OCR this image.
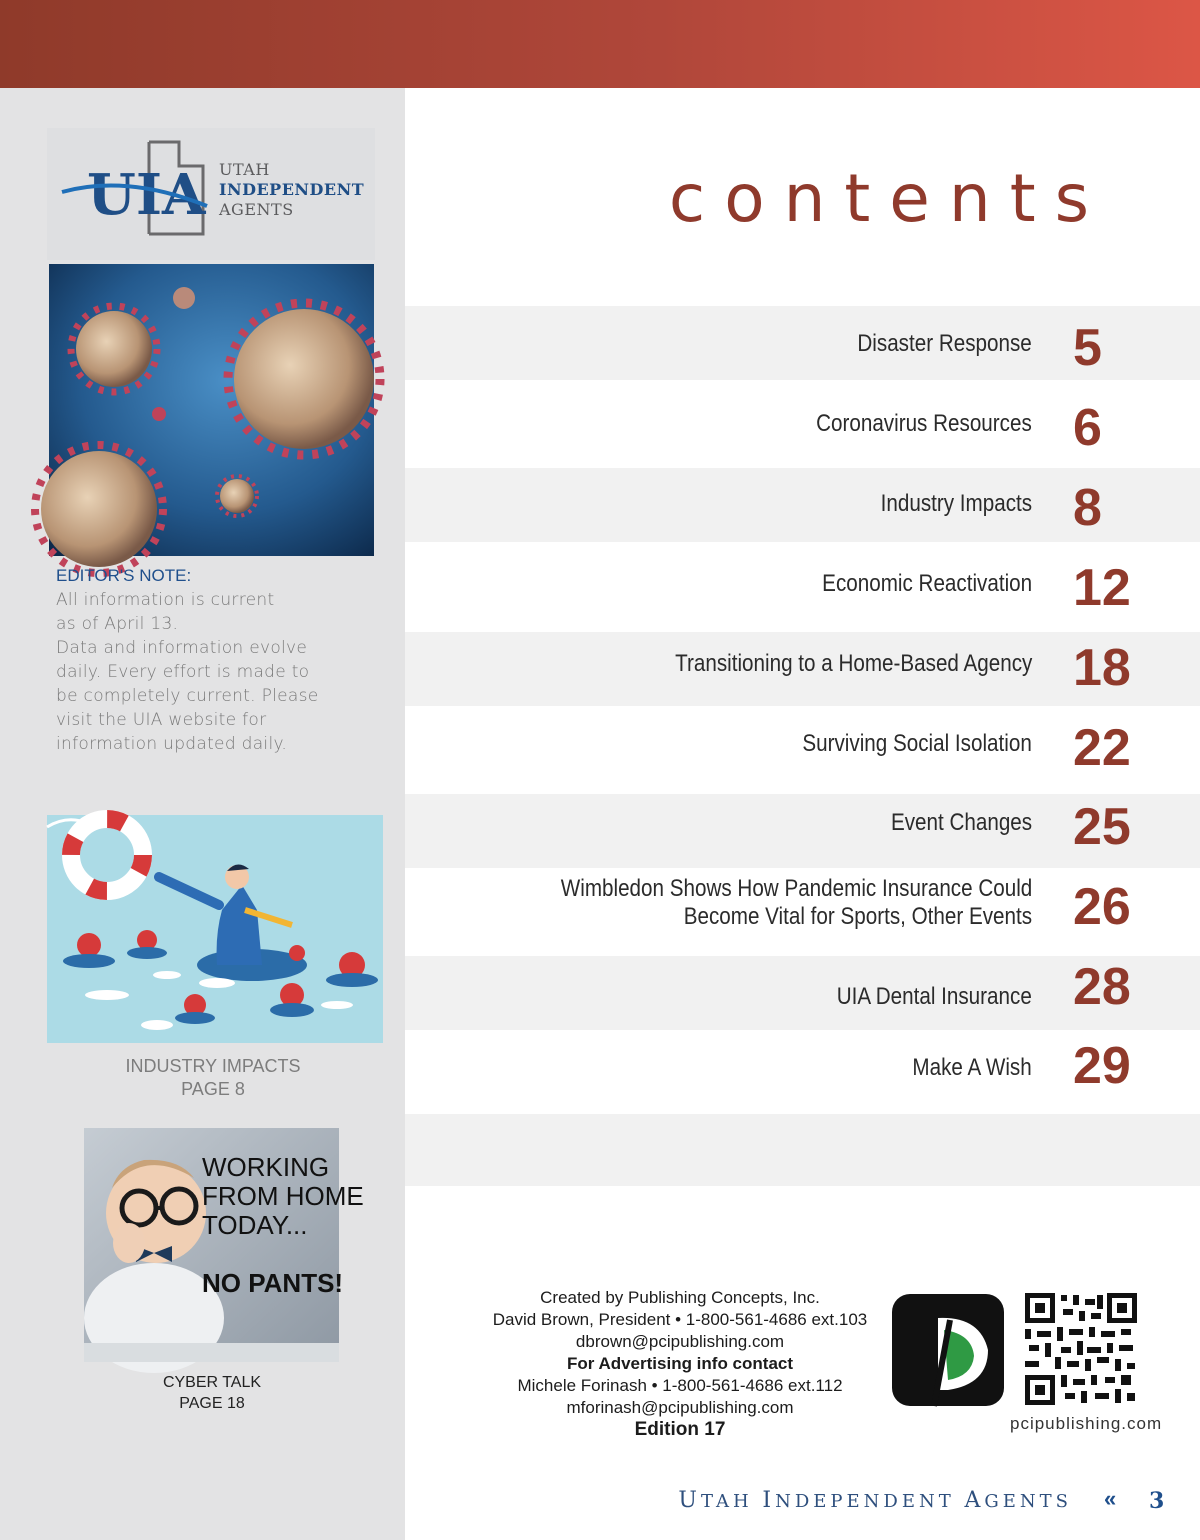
UIA UTAH
INDEPENDENT
AGENTS
EDITOR'S NOTE:
All information is current
as of April 13.
Data and information evolve
daily. Every effort is made to
be completely current. Please
visit the UIA website for
information updated daily.
INDUSTRY IMPACTS
PAGE 8
WORKING
FROM HOME
TODAY...
NO PANTS!
CYBER TALK
PAGE 18
contents
Disaster Response 5
Coronavirus Resources 6
Industry Impacts 8
Economic Reactivation 12
Transitioning to a Home-Based Agency 18
Surviving Social Isolation 22
Event Changes 25
Wimbledon Shows How Pandemic Insurance Could
Become Vital for Sports, Other Events 26
UIA Dental Insurance 28
Make A Wish 29
Created by Publishing Concepts, Inc.
David Brown, President • 1-800-561-4686 ext.103
dbrown@pcipublishing.com
For Advertising info contact
Michele Forinash • 1-800-561-4686 ext.112
mforinash@pcipublishing.com
Edition 17	pcipublishing.com
UTAH INDEPENDENT AGENTS « 3
